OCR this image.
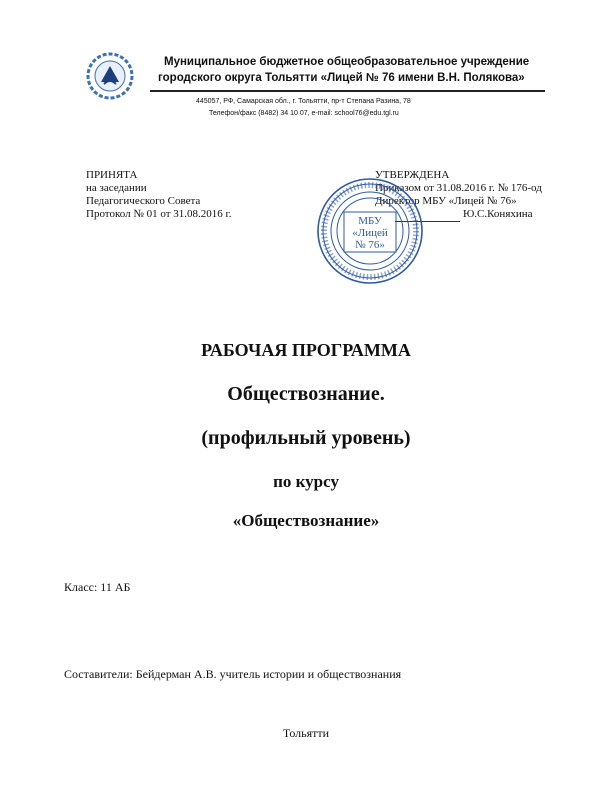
Муниципальное бюджетное общеобразовательное учреждение
городского округа Тольятти «Лицей № 76 имени В.Н. Полякова»
445057, РФ, Самарская обл., г. Тольятти, пр-т Степана Разина, 78
Телефон/факс (8482) 34 10 07, e-mail: school76@edu.tgl.ru
ПРИНЯТА
на заседании
Педагогического Совета
Протокол № 01 от 31.08.2016 г.
УТВЕРЖДЕНА
Приказом от 31.08.2016 г. № 176-од
Директор МБУ «Лицей № 76»
Ю.С.Коняхина
МБУ
«Лицей
№ 76»
РАБОЧАЯ ПРОГРАММА
Обществознание.
(профильный уровень)
по курсу
«Обществознание»
Класс: 11 АБ
Составители: Бейдерман А.В. учитель истории и обществознания
Тольятти
